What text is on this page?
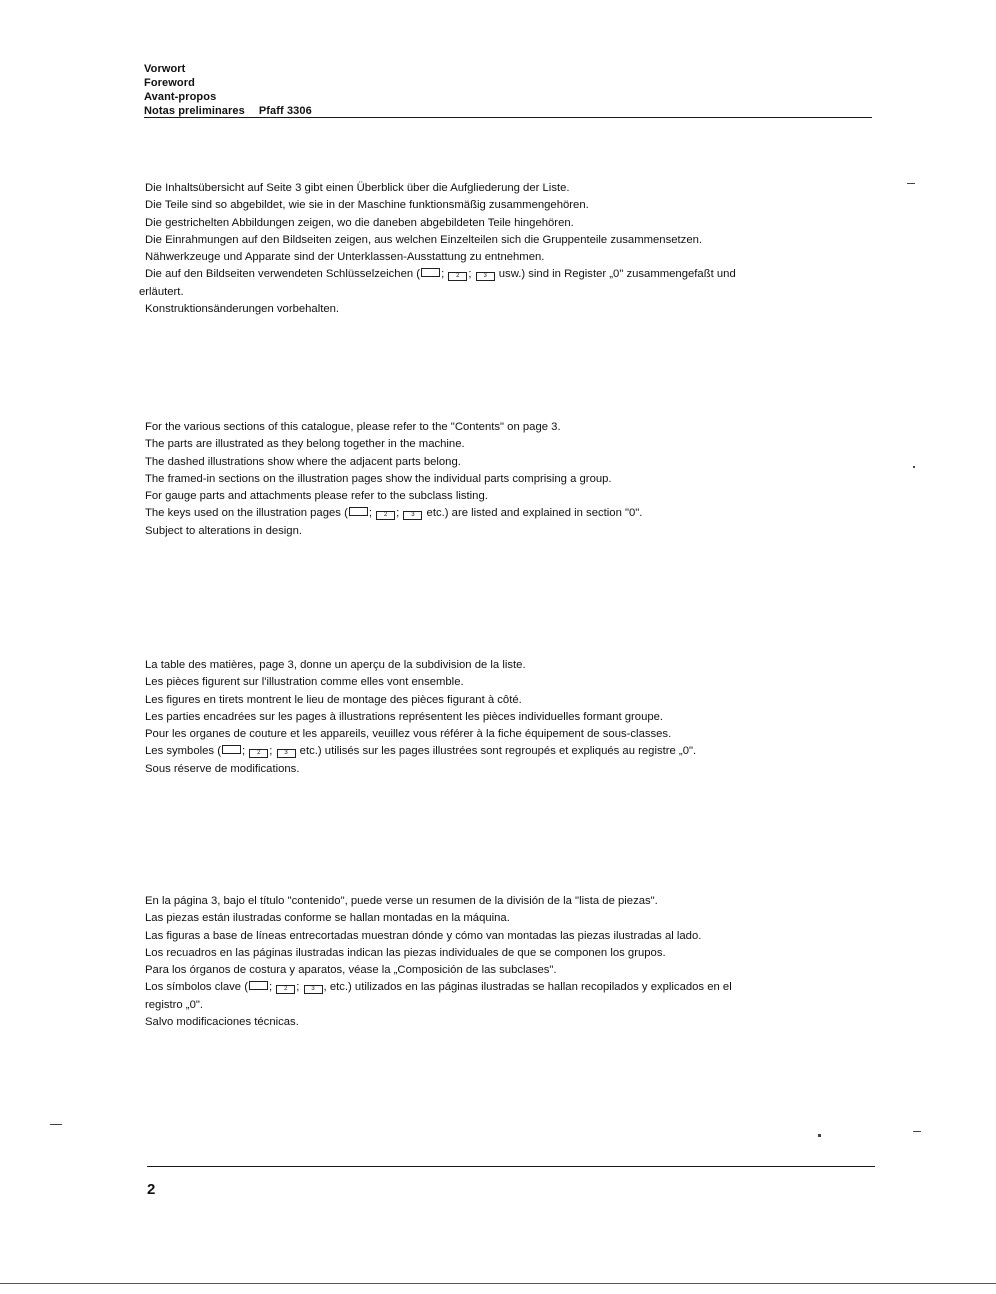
Vorwort
Foreword
Avant-propos
Notas preliminares Pfaff 3306
Die Inhaltsübersicht auf Seite 3 gibt einen Überblick über die Aufgliederung der Liste.
Die Teile sind so abgebildet, wie sie in der Maschine funktionsmäßig zusammengehören.
Die gestrichelten Abbildungen zeigen, wo die daneben abgebildeten Teile hingehören.
Die Einrahmungen auf den Bildseiten zeigen, aus welchen Einzelteilen sich die Gruppenteile zusammensetzen.
Nähwerkzeuge und Apparate sind der Unterklassen-Ausstattung zu entnehmen.
Die auf den Bildseiten verwendeten Schlüsselzeichen ( ; 2 ; 3 usw.) sind in Register „0" zusammengefaßt und
erläutert.
Konstruktionsänderungen vorbehalten.
For the various sections of this catalogue, please refer to the "Contents" on page 3.
The parts are illustrated as they belong together in the machine.
The dashed illustrations show where the adjacent parts belong.
The framed-in sections on the illustration pages show the individual parts comprising a group.
For gauge parts and attachments please refer to the subclass listing.
The keys used on the illustration pages ( ; 2 ; 3 etc.) are listed and explained in section "0".
Subject to alterations in design.
La table des matières, page 3, donne un aperçu de la subdivision de la liste.
Les pièces figurent sur l'illustration comme elles vont ensemble.
Les figures en tirets montrent le lieu de montage des pièces figurant à côté.
Les parties encadrées sur les pages à illustrations représentent les pièces individuelles formant groupe.
Pour les organes de couture et les appareils, veuillez vous référer à la fiche équipement de sous-classes.
Les symboles ( ; 2 ; 3 etc.) utilisés sur les pages illustrées sont regroupés et expliqués au registre „0".
Sous réserve de modifications.
En la página 3, bajo el título "contenido", puede verse un resumen de la división de la "lista de piezas".
Las piezas están ilustradas conforme se hallan montadas en la máquina.
Las figuras a base de líneas entrecortadas muestran dónde y cómo van montadas las piezas ilustradas al lado.
Los recuadros en las páginas ilustradas indican las piezas individuales de que se componen los grupos.
Para los órganos de costura y aparatos, véase la „Composición de las subclases".
Los símbolos clave ( ; 2 ; 3 , etc.) utilizados en las páginas ilustradas se hallan recopilados y explicados en el
registro „0".
Salvo modificaciones técnicas.
2
